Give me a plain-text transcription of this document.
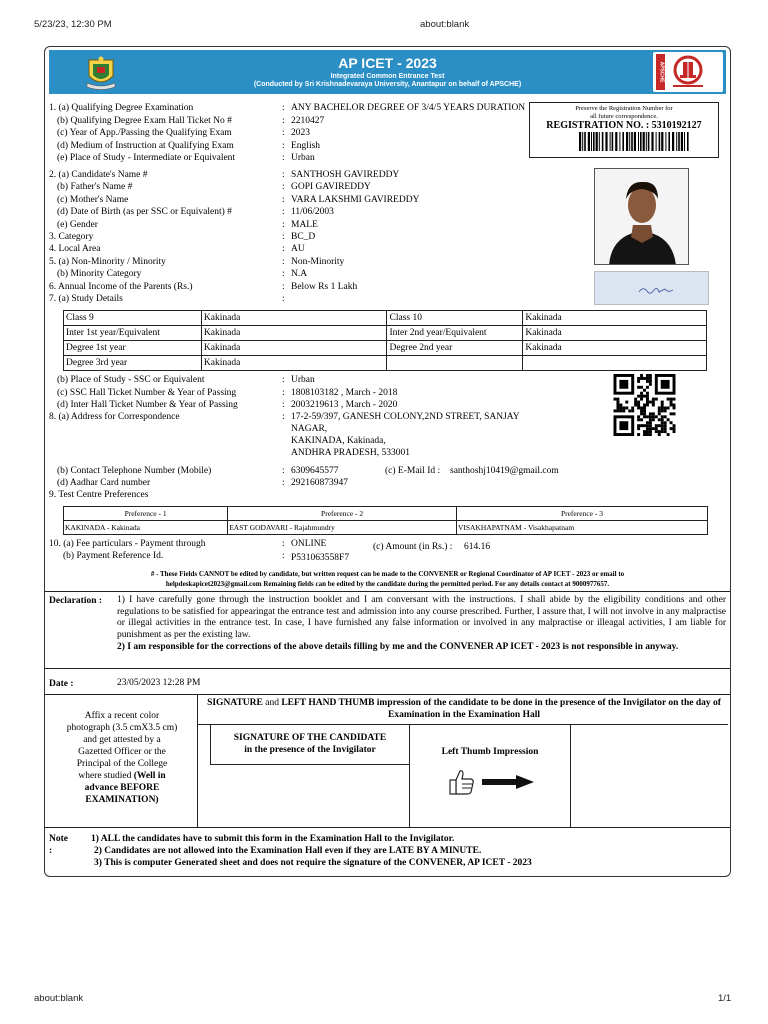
5/23/23, 12:30 PM	about:blank
AP ICET - 2023
Integrated Common Entrance Test
(Conducted by Sri Krishnadevaraya University, Anantapur on behalf of APSCHE)
APSCHE
Preserve the Registration Number for
all future correspondence.
REGISTRATION NO. : 5310192127
1. (a) Qualifying Degree Examination	: ANY BACHELOR DEGREE OF 3/4/5 YEARS DURATION
(b) Qualifying Degree Exam Hall Ticket No #	: 2210427
(c) Year of App./Passing the Qualifying Exam	: 2023
(d) Medium of Instruction at Qualifying Exam	: English
(e) Place of Study - Intermediate or Equivalent	: Urban
2. (a) Candidate's Name #	: SANTHOSH GAVIREDDY
(b) Father's Name #	: GOPI GAVIREDDY
(c) Mother's Name	: VARA LAKSHMI GAVIREDDY
(d) Date of Birth (as per SSC or Equivalent) #	: 11/06/2003
(e) Gender	: MALE
3. Category	: BC_D
4. Local Area	: AU
5. (a) Non-Minority / Minority	: Non-Minority
(b) Minority Category	: N.A
6. Annual Income of the Parents (Rs.)	: Below Rs 1 Lakh
7. (a) Study Details	:
Class 9	Kakinada	Class 10	Kakinada
Inter 1st year/Equivalent	Kakinada	Inter 2nd year/Equivalent	Kakinada
Degree 1st year	Kakinada	Degree 2nd year	Kakinada
Degree 3rd year	Kakinada		
(b) Place of Study - SSC or Equivalent	: Urban
(c) SSC Hall Ticket Number & Year of Passing	: 1808103182 , March - 2018
(d) Inter Hall Ticket Number & Year of Passing	: 2003219613 , March - 2020
8. (a) Address for Correspondence	: 17-2-59/397, GANESH COLONY,2ND STREET, SANJAY
NAGAR,
KAKINADA, Kakinada,
ANDHRA PRADESH, 533001
(b) Contact Telephone Number (Mobile)	: 6309645577	(c) E-Mail Id : santhoshj10419@gmail.com
(d) Aadhar Card number	: 292160873947
9. Test Centre Preferences
Preference - 1	Preference - 2	Preference - 3
KAKINADA - Kakinada	EAST GODAVARI - Rajahmundry	VISAKHAPATNAM - Visakhapatnam
10. (a) Fee particulars - Payment through	: ONLINE	(c) Amount (in Rs.) : 614.16
(b) Payment Reference Id.	: P531063558F7
# - These Fields CANNOT be edited by candidate, but written request can be made to the CONVENER or Regional Coordinator of AP ICET - 2023 or email to
helpdeskapicet2023@gmail.com Remaining fields can be edited by the candidate during the permitted period. For any details contact at 9000977657.
Declaration : 1) I have carefully gone through the instruction booklet and I am conversant with the instructions. I shall abide by the eligibility conditions and other regulations to be satisfied for appearingat the entrance test and admission into any course prescribed. Further, I assure that, I will not involve in any malpractise or illegal activities in the entrance test. In case, I have furnished any false information or involved in any malpractise or illeagal activities, I am liable for punishment as per the existing law.
2) I am responsible for the corrections of the above details filling by me and the CONVENER AP ICET - 2023 is not responsible in anyway.
Date :	23/05/2023 12:28 PM
Affix a recent color
photograph (3.5 cmX3.5 cm)
and get attested by a
Gazetted Officer or the
Principal of the College
where studied (Well in
advance BEFORE
EXAMINATION)
SIGNATURE and LEFT HAND THUMB impression of the candidate to be done in the presence of the Invigilator on the day of Examination in the Examination Hall
SIGNATURE OF THE CANDIDATE
in the presence of the Invigilator	Left Thumb Impression
Note :
1) ALL the candidates have to submit this form in the Examination Hall to the Invigilator.
2) Candidates are not allowed into the Examination Hall even if they are LATE BY A MINUTE.
3) This is computer Generated sheet and does not require the signature of the CONVENER, AP ICET - 2023
about:blank	1/1
